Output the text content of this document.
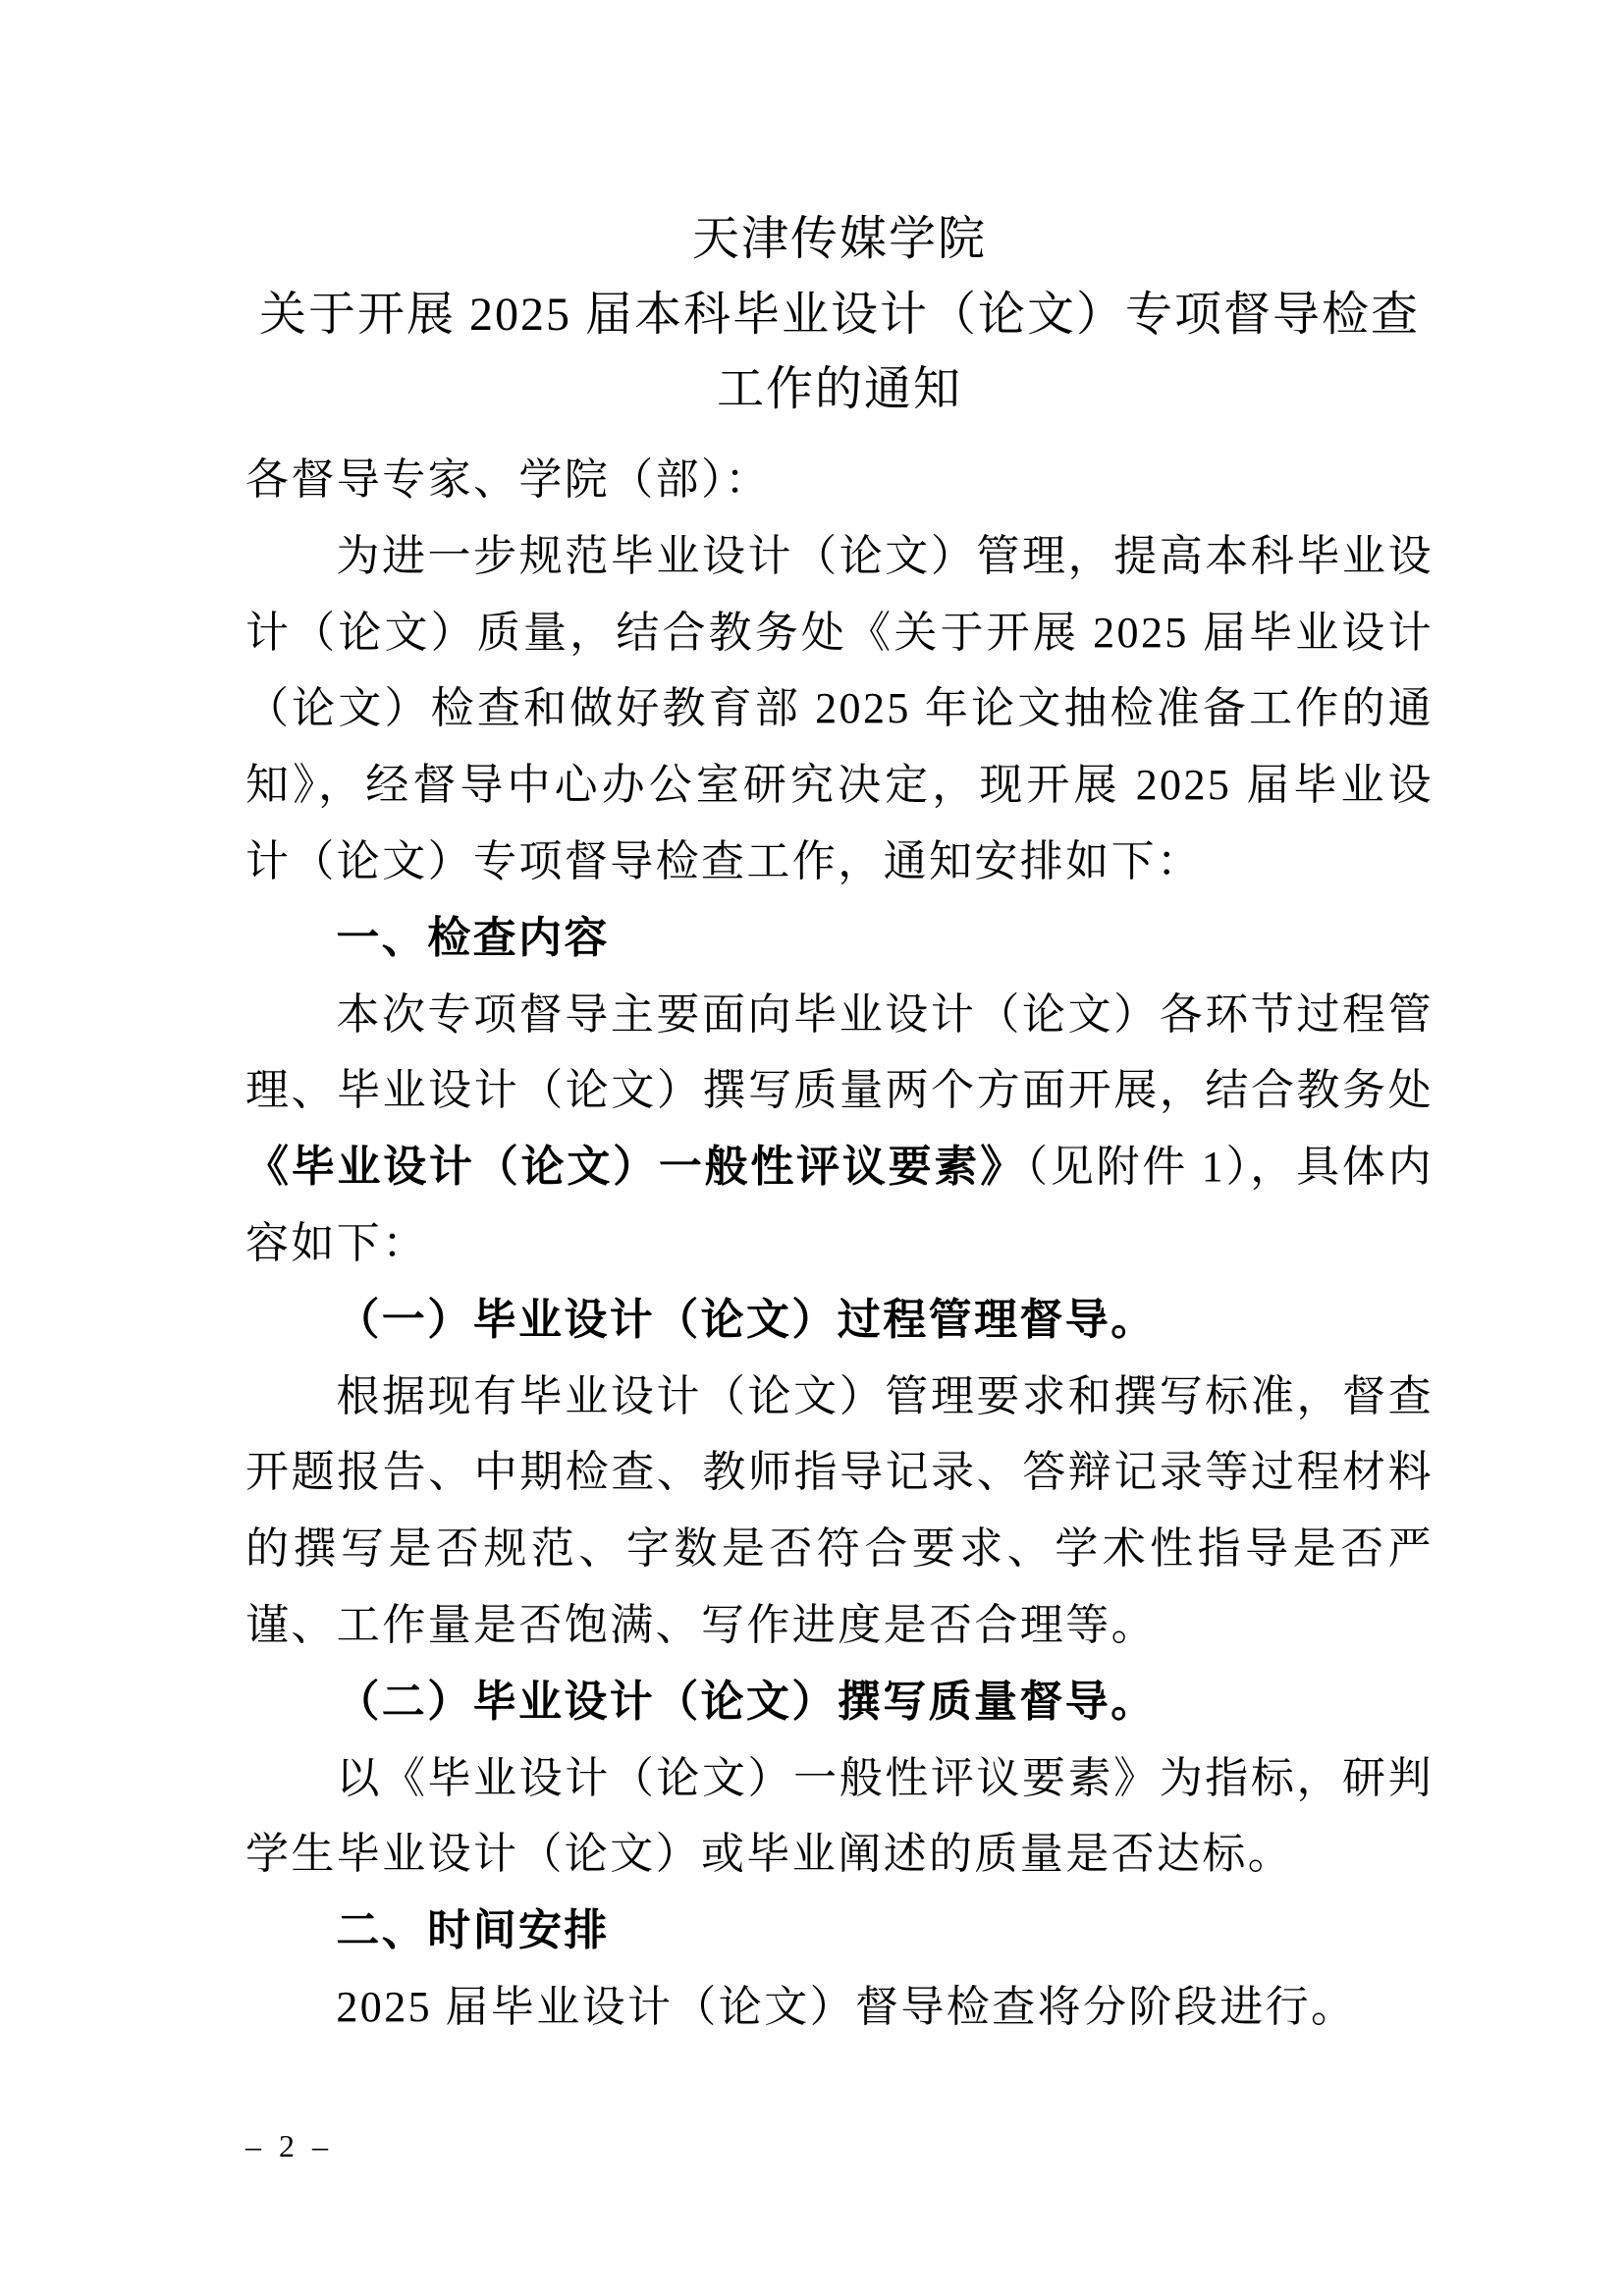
天津传媒学院
关于开展 2025 届本科毕业设计（论文）专项督导检查
工作的通知
各督导专家、学院（部）：
为进一步规范毕业设计（论文）管理，提高本科毕业设计（论文）质量，结合教务处《关于开展 2025 届毕业设计（论文）检查和做好教育部 2025 年论文抽检准备工作的通知》，经督导中心办公室研究决定，现开展 2025 届毕业设计（论文）专项督导检查工作，通知安排如下：
一、检查内容
本次专项督导主要面向毕业设计（论文）各环节过程管理、毕业设计（论文）撰写质量两个方面开展，结合教务处《毕业设计（论文）一般性评议要素》（见附件 1），具体内容如下：
（一）毕业设计（论文）过程管理督导。
根据现有毕业设计（论文）管理要求和撰写标准，督查开题报告、中期检查、教师指导记录、答辩记录等过程材料的撰写是否规范、字数是否符合要求、学术性指导是否严谨、工作量是否饱满、写作进度是否合理等。
（二）毕业设计（论文）撰写质量督导。
以《毕业设计（论文）一般性评议要素》为指标，研判学生毕业设计（论文）或毕业阐述的质量是否达标。
二、时间安排
2025 届毕业设计（论文）督导检查将分阶段进行。
– 2 –
